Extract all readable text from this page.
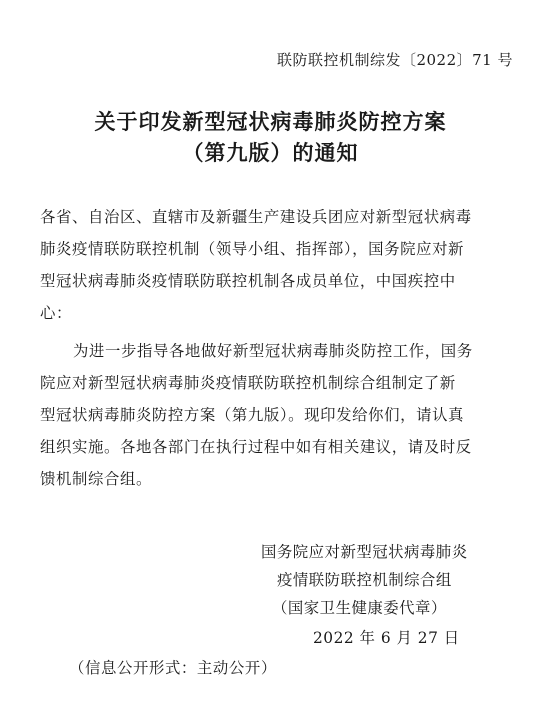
联防联控机制综发〔2022〕71 号
关于印发新型冠状病毒肺炎防控方案
（第九版）的通知
各省、自治区、直辖市及新疆生产建设兵团应对新型冠状病毒
肺炎疫情联防联控机制（领导小组、指挥部），国务院应对新
型冠状病毒肺炎疫情联防联控机制各成员单位，中国疾控中
心：
为进一步指导各地做好新型冠状病毒肺炎防控工作，国务
院应对新型冠状病毒肺炎疫情联防联控机制综合组制定了新
型冠状病毒肺炎防控方案（第九版）。现印发给你们，请认真
组织实施。各地各部门在执行过程中如有相关建议，请及时反
馈机制综合组。
国务院应对新型冠状病毒肺炎
疫情联防联控机制综合组
（国家卫生健康委代章）
2022 年 6 月 27 日
（信息公开形式：主动公开）
